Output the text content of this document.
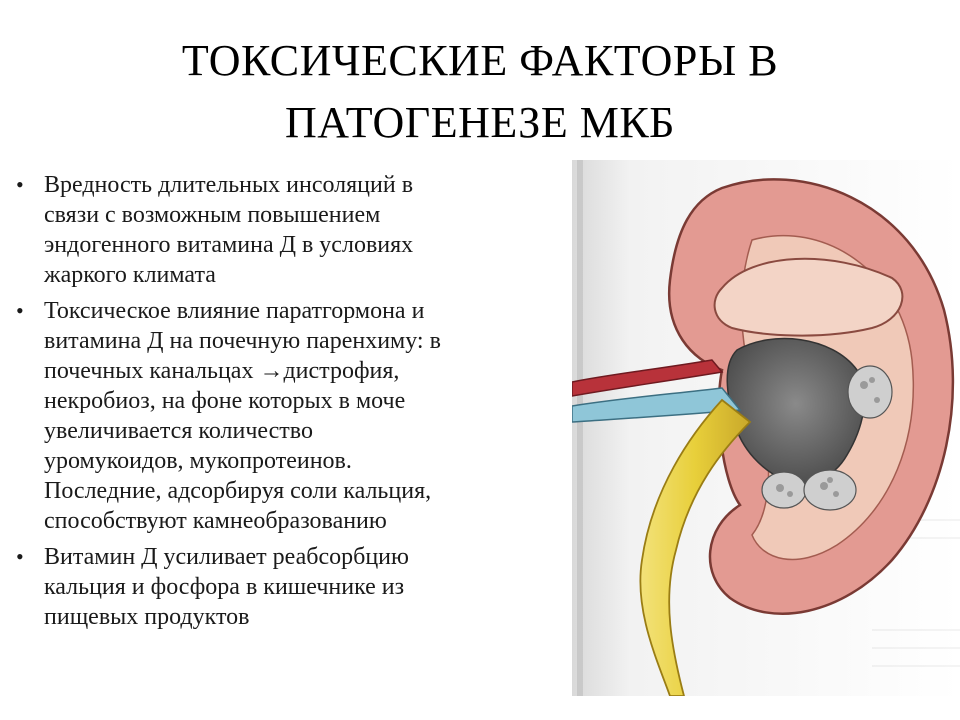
ТОКСИЧЕСКИЕ ФАКТОРЫ В
ПАТОГЕНЕЗЕ МКБ
• Вредность длительных инсоляций в
связи с возможным повышением
эндогенного витамина Д в условиях
жаркого климата
• Токсическое влияние паратгормона и
витамина Д на почечную паренхиму: в
почечных канальцах →дистрофия,
некробиоз, на фоне которых в моче
увеличивается количество
уромукоидов, мукопротеинов.
Последние, адсорбируя соли кальция,
способствуют камнеобразованию
• Витамин Д усиливает реабсорбцию
кальция и фосфора в кишечнике из
пищевых продуктов
